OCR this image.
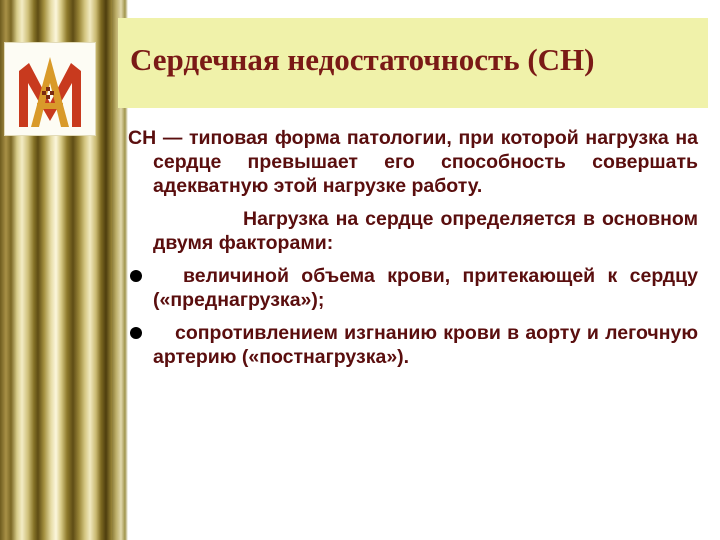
Сердечная недостаточность (СН)

СН — типовая форма патологии, при которой нагрузка на сердце превышает его способность совершать адекватную этой нагрузке работу.

Нагрузка на сердце определяется в основном двумя факторами:

величиной объема крови, притекающей к сердцу («преднагрузка»);
сопротивлением изгнанию крови в аорту и легочную артерию («постнагрузка»).
